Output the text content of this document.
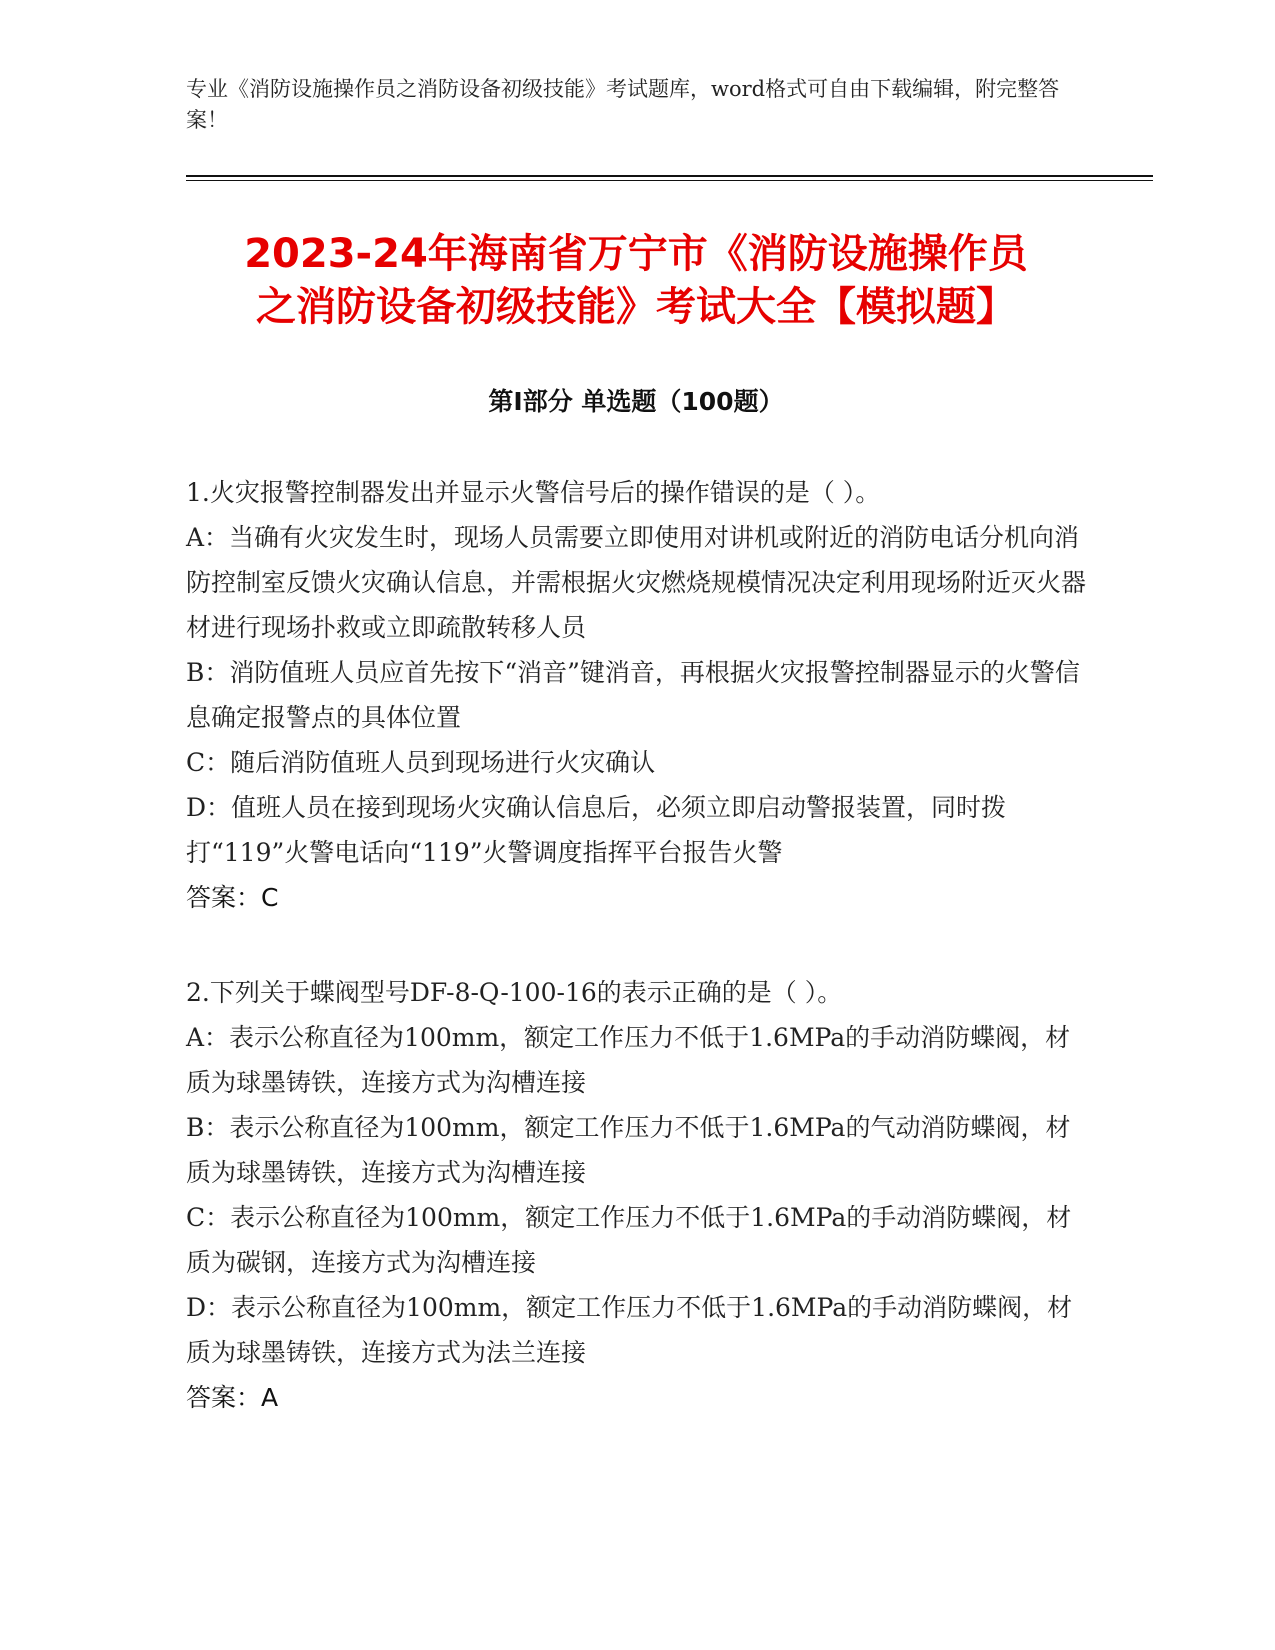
专业《消防设施操作员之消防设备初级技能》考试题库，word格式可自由下载编辑，附完整答案！
2023-24年海南省万宁市《消防设施操作员
之消防设备初级技能》考试大全【模拟题】
第Ⅰ部分 单选题（100题）

1.火灾报警控制器发出并显示火警信号后的操作错误的是（ ）。

A：当确有火灾发生时，现场人员需要立即使用对讲机或附近的消防电话分机向消防控制室反馈火灾确认信息，并需根据火灾燃烧规模情况决定利用现场附近灭火器材进行现场扑救或立即疏散转移人员

B：消防值班人员应首先按下“消音”键消音，再根据火灾报警控制器显示的火警信息确定报警点的具体位置

C：随后消防值班人员到现场进行火灾确认

D：值班人员在接到现场火灾确认信息后，必须立即启动警报装置，同时拨打“119”火警电话向“119”火警调度指挥平台报告火警

答案：C

2.下列关于蝶阀型号DF-8-Q-100-16的表示正确的是（ ）。

A：表示公称直径为100mm，额定工作压力不低于1.6MPa的手动消防蝶阀，材质为球墨铸铁，连接方式为沟槽连接

B：表示公称直径为100mm，额定工作压力不低于1.6MPa的气动消防蝶阀，材质为球墨铸铁，连接方式为沟槽连接

C：表示公称直径为100mm，额定工作压力不低于1.6MPa的手动消防蝶阀，材质为碳钢，连接方式为沟槽连接

D：表示公称直径为100mm，额定工作压力不低于1.6MPa的手动消防蝶阀，材质为球墨铸铁，连接方式为法兰连接

答案：A
